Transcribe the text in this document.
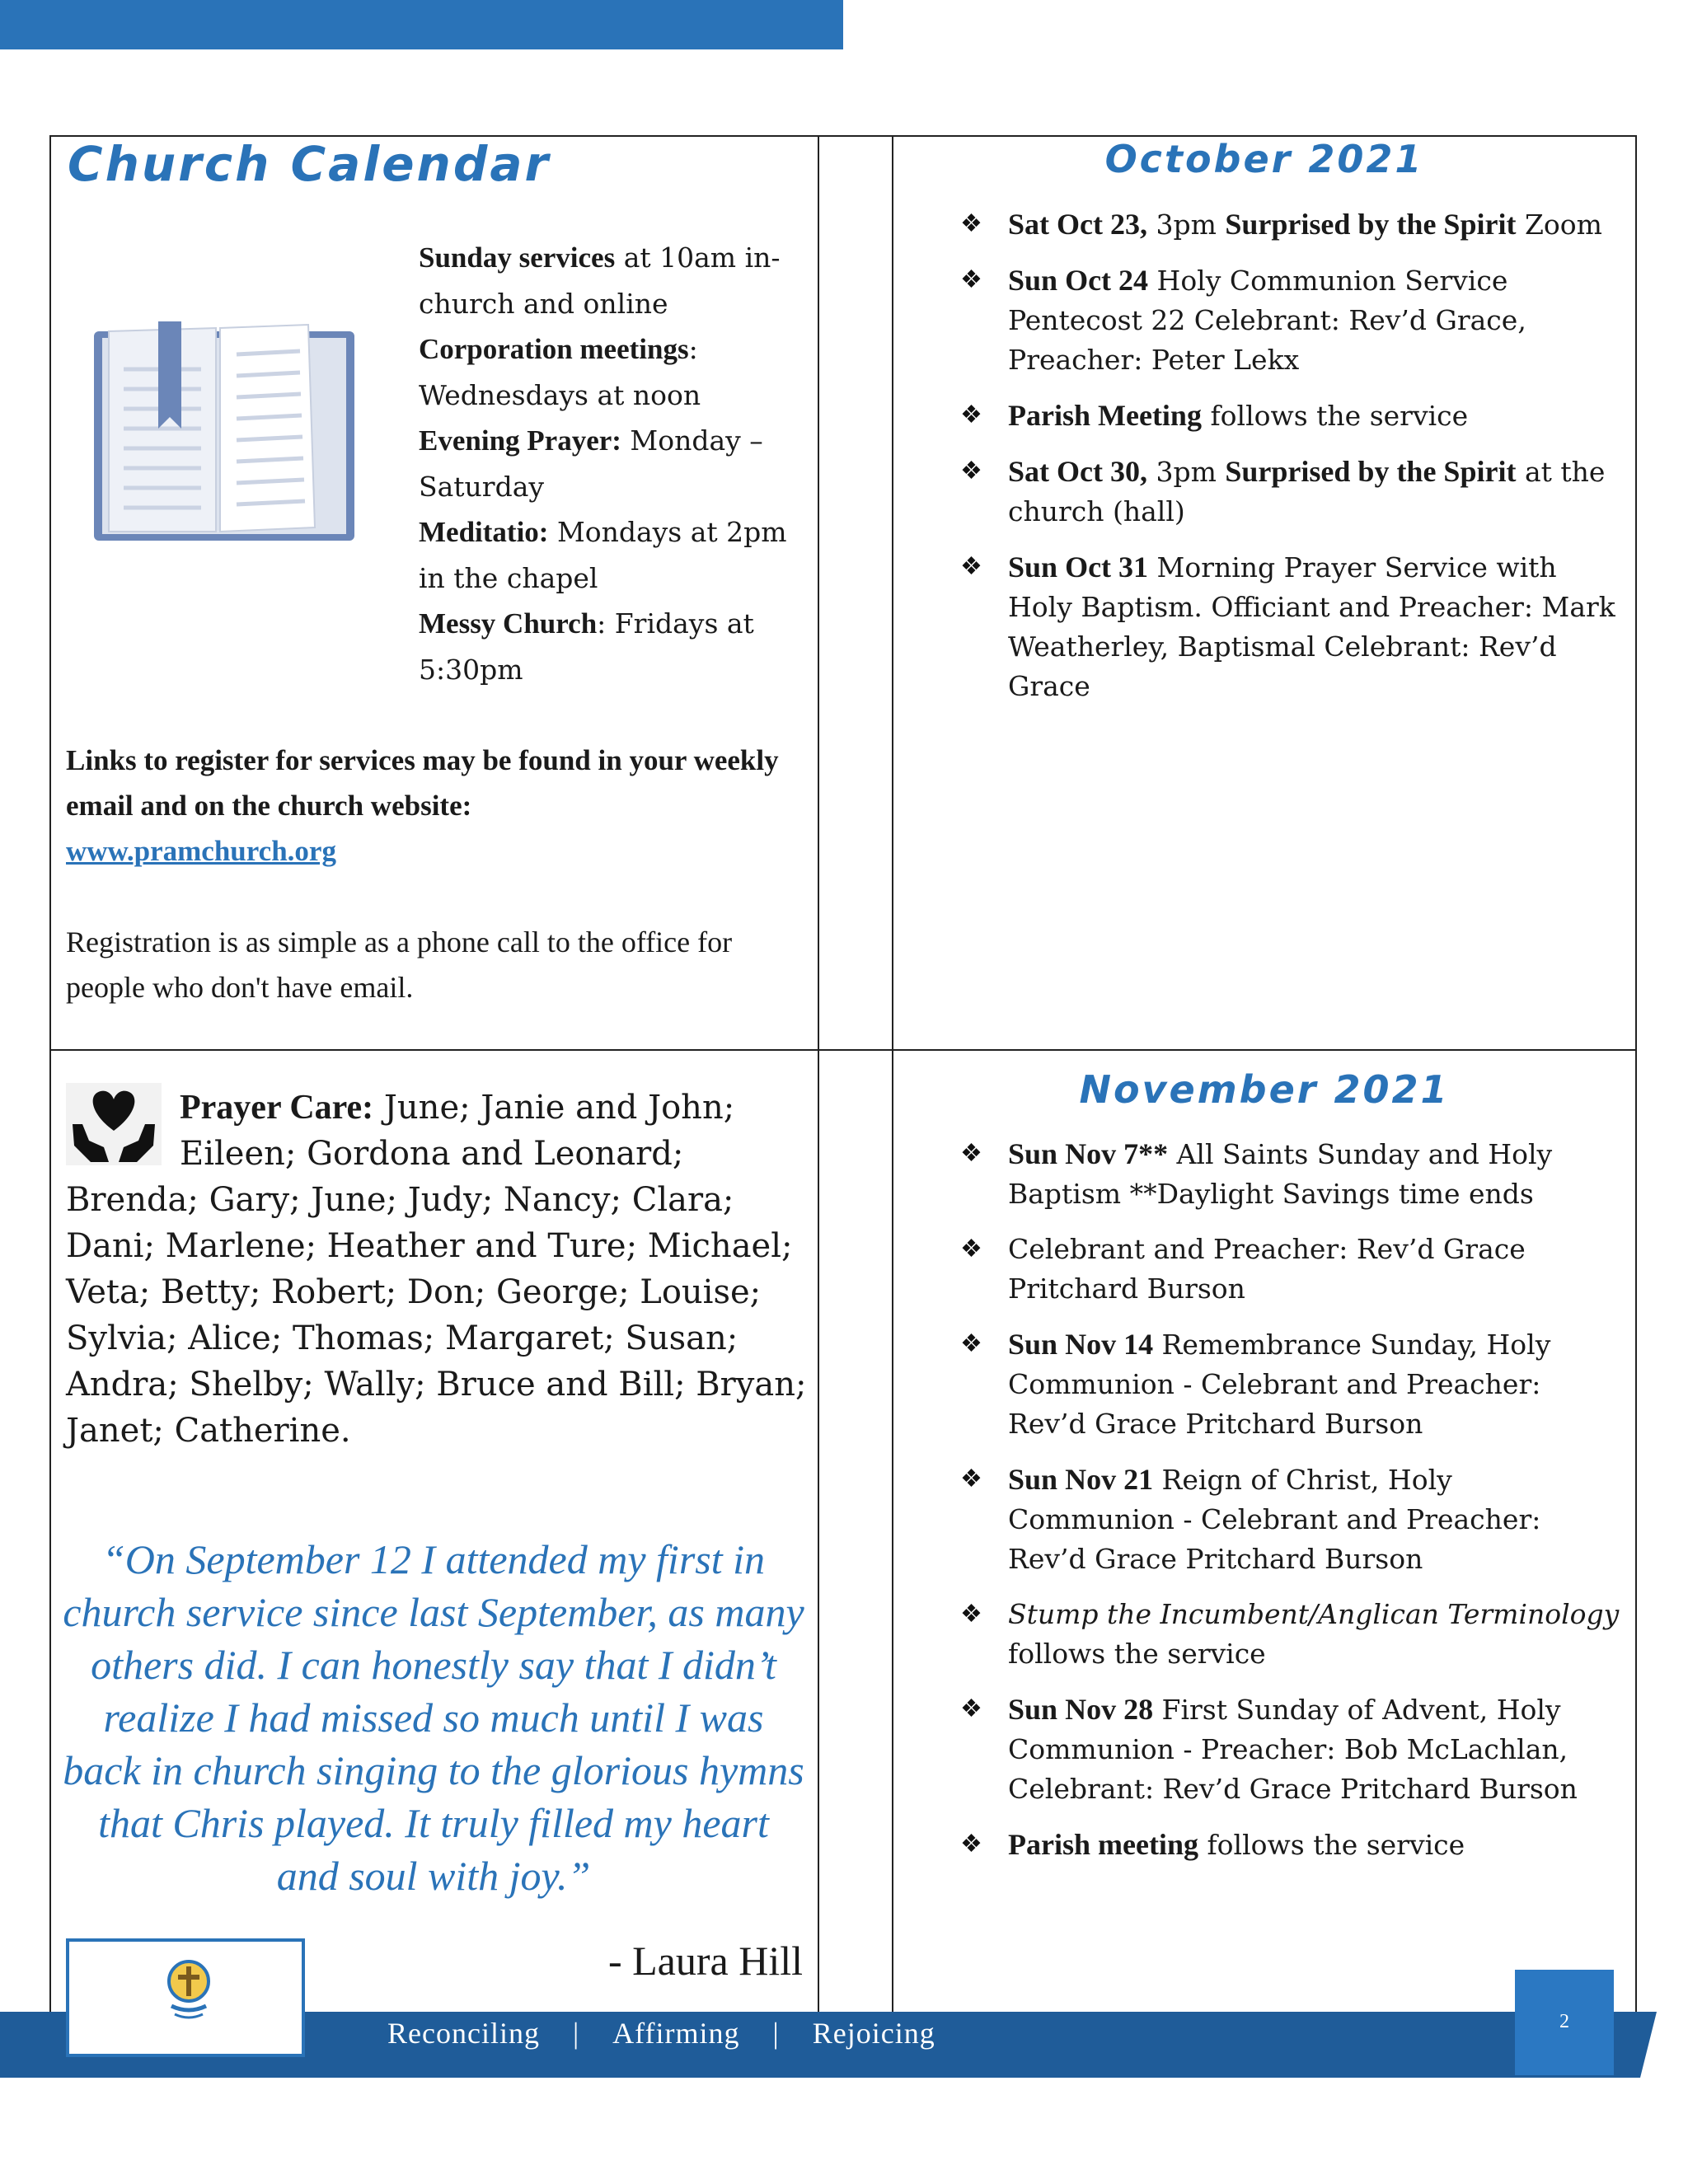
Church Calendar

Sunday services at 10am in-church and online

Corporation meetings: Wednesdays at noon

Evening Prayer: Monday – Saturday

Meditatio: Mondays at 2pm in the chapel

Messy Church: Fridays at 5:30pm

Links to register for services may be found in your weekly email and on the church website:
www.pramchurch.org
Registration is as simple as a phone call to the office for people who don't have email.
October 2021
❖ Sat Oct 23, 3pm Surprised by the Spirit Zoom
❖ Sun Oct 24 Holy Communion Service Pentecost 22 Celebrant: Rev’d Grace, Preacher: Peter Lekx
❖ Parish Meeting follows the service
❖ Sat Oct 30, 3pm Surprised by the Spirit at the church (hall)
❖ Sun Oct 31 Morning Prayer Service with Holy Baptism. Officiant and Preacher: Mark Weatherley, Baptismal Celebrant: Rev’d Grace
November 2021
❖ Sun Nov 7** All Saints Sunday and Holy Baptism **Daylight Savings time ends
❖ Celebrant and Preacher: Rev’d Grace Pritchard Burson
❖ Sun Nov 14 Remembrance Sunday, Holy Communion - Celebrant and Preacher: Rev’d Grace Pritchard Burson
❖ Sun Nov 21 Reign of Christ, Holy Communion - Celebrant and Preacher: Rev’d Grace Pritchard Burson
❖ Stump the Incumbent/Anglican Terminology follows the service
❖ Sun Nov 28 First Sunday of Advent, Holy Communion - Preacher: Bob McLachlan, Celebrant: Rev’d Grace Pritchard Burson
❖ Parish meeting follows the service
Prayer Care: June; Janie and John; Eileen; Gordona and Leonard; Brenda; Gary; June; Judy; Nancy; Clara; Dani; Marlene; Heather and Ture; Michael; Veta; Betty; Robert; Don; George; Louise; Sylvia; Alice; Thomas; Margaret; Susan; Andra; Shelby; Wally; Bruce and Bill; Bryan; Janet; Catherine.

“On September 12 I attended my first in church service since last September, as many others did. I can honestly say that I didn’t realize I had missed so much until I was back in church singing to the glorious hymns that Chris played. It truly filled my heart and soul with joy.”

- Laura Hill
Reconciling | Affirming | Rejoicing	2
